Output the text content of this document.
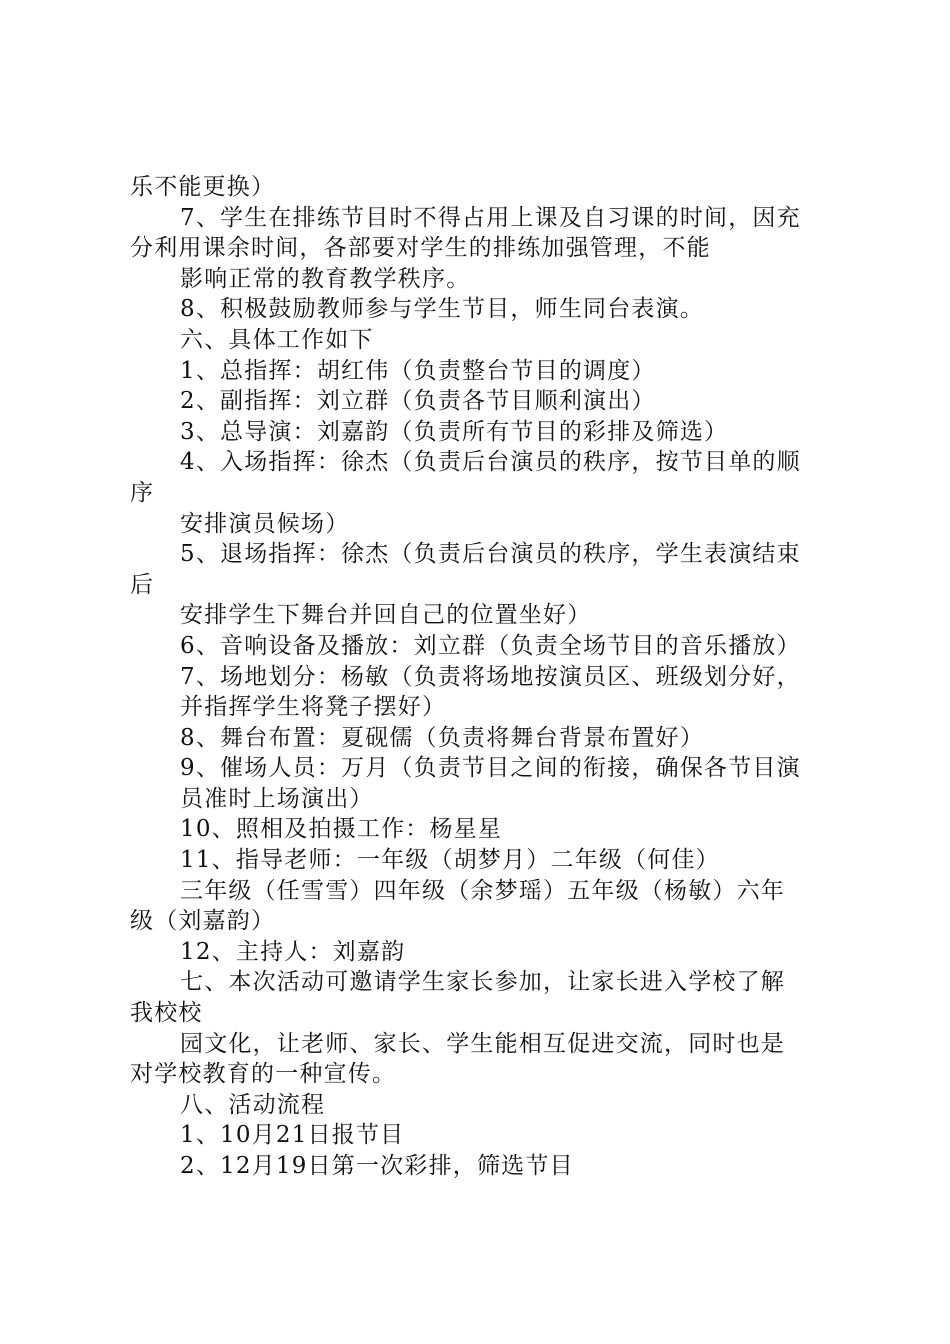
乐不能更换）
7、学生在排练节目时不得占用上课及自习课的时间，因充
分利用课余时间，各部要对学生的排练加强管理，不能
影响正常的教育教学秩序。
8、积极鼓励教师参与学生节目，师生同台表演。
六、具体工作如下
1、总指挥：胡红伟（负责整台节目的调度）
2、副指挥：刘立群（负责各节目顺利演出）
3、总导演：刘嘉韵（负责所有节目的彩排及筛选）
4、入场指挥：徐杰（负责后台演员的秩序，按节目单的顺
序
安排演员候场）
5、退场指挥：徐杰（负责后台演员的秩序，学生表演结束
后
安排学生下舞台并回自己的位置坐好）
6、音响设备及播放：刘立群（负责全场节目的音乐播放）
7、场地划分：杨敏（负责将场地按演员区、班级划分好，
并指挥学生将凳子摆好）
8、舞台布置：夏砚儒（负责将舞台背景布置好）
9、催场人员：万月（负责节目之间的衔接，确保各节目演
员准时上场演出）
10、照相及拍摄工作：杨星星
11、指导老师：一年级（胡梦月）二年级（何佳）
三年级（任雪雪）四年级（余梦瑶）五年级（杨敏）六年
级（刘嘉韵）
12、主持人：刘嘉韵
七、本次活动可邀请学生家长参加，让家长进入学校了解
我校校
园文化，让老师、家长、学生能相互促进交流，同时也是
对学校教育的一种宣传。
八、活动流程
1、10月21日报节目
2、12月19日第一次彩排，筛选节目
